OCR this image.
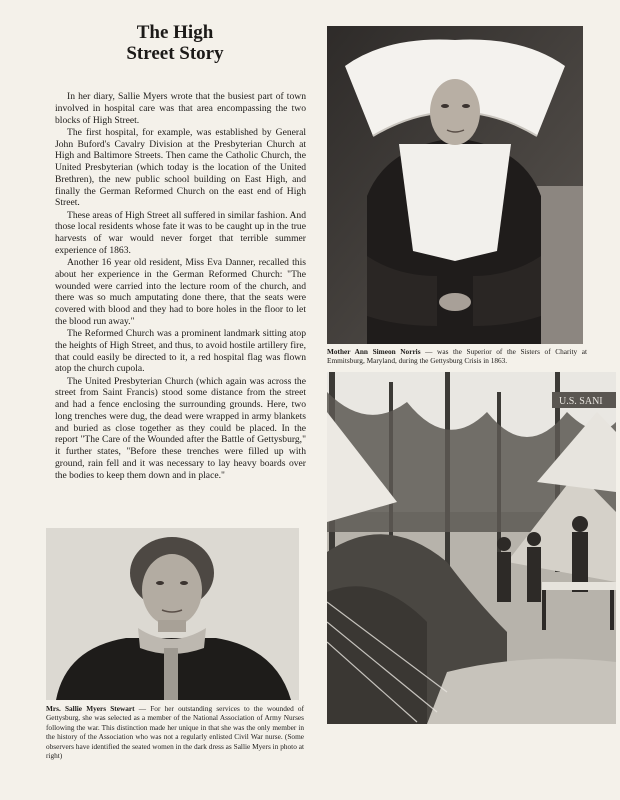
The High
Street Story

In her diary, Sallie Myers wrote that the busiest part of town involved in hospital care was that area encompassing the two blocks of High Street.

The first hospital, for example, was established by General John Buford's Cavalry Division at the Presbyterian Church at High and Baltimore Streets. Then came the Catholic Church, the United Presbyterian (which today is the location of the United Brethren), the new public school building on East High, and finally the German Reformed Church on the east end of High Street.

These areas of High Street all suffered in similar fashion. And those local residents whose fate it was to be caught up in the true harvests of war would never forget that terrible summer experience of 1863.

Another 16 year old resident, Miss Eva Danner, recalled this about her experience in the German Reformed Church: "The wounded were carried into the lecture room of the church, and there was so much amputating done there, that the seats were covered with blood and they had to bore holes in the floor to let the blood run away."

The Reformed Church was a prominent landmark sitting atop the heights of High Street, and thus, to avoid hostile artillery fire, that could easily be directed to it, a red hospital flag was flown atop the church cupola.

The United Presbyterian Church (which again was across the street from Saint Francis) stood some distance from the street and had a fence enclosing the surrounding grounds. Here, two long trenches were dug, the dead were wrapped in army blankets and buried as close together as they could be placed. In the report "The Care of the Wounded after the Battle of Gettysburg," it further states, "Before these trenches were filled up with ground, rain fell and it was necessary to lay heavy boards over the bodies to keep them down and in place."

Mother Ann Simeon Norris — was the Superior of the Sisters of Charity at Emmitsburg, Maryland, during the Gettysburg Crisis in 1863.
U.S. SANI
Mrs. Sallie Myers Stewart — For her outstanding services to the wounded of Gettysburg, she was selected as a member of the National Association of Army Nurses following the war. This distinction made her unique in that she was the only member in the history of the Association who was not a regularly enlisted Civil War nurse. (Some observers have identified the seated women in the dark dress as Sallie Myers in photo at right)
